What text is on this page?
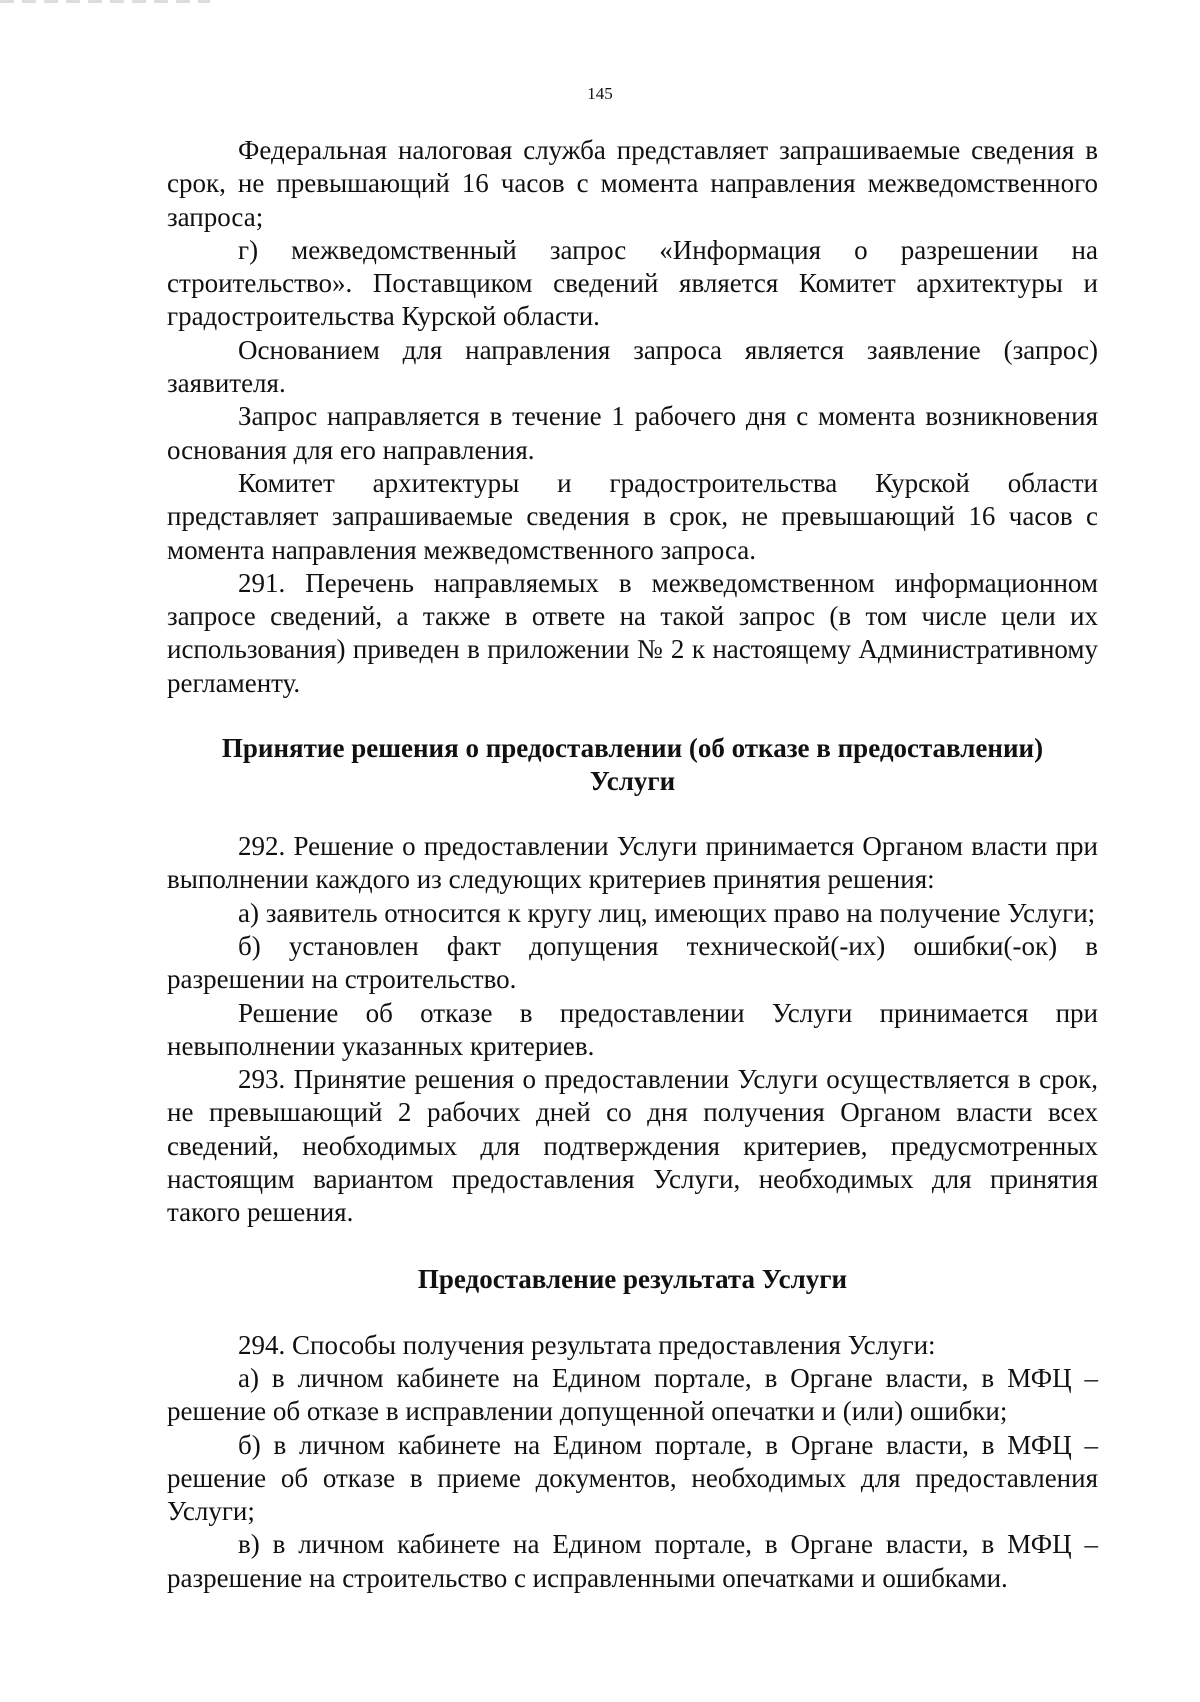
145

Федеральная налоговая служба представляет запрашиваемые сведения в срок, не превышающий 16 часов с момента направления межведомственного запроса;

г) межведомственный запрос «Информация о разрешении на строительство». Поставщиком сведений является Комитет архитектуры и градостроительства Курской области.

Основанием для направления запроса является заявление (запрос) заявителя.

Запрос направляется в течение 1 рабочего дня с момента возникновения основания для его направления.

Комитет архитектуры и градостроительства Курской области представляет запрашиваемые сведения в срок, не превышающий 16 часов с момента направления межведомственного запроса.

291. Перечень направляемых в межведомственном информационном запросе сведений, а также в ответе на такой запрос (в том числе цели их использования) приведен в приложении № 2 к настоящему Административному регламенту.

Принятие решения о предоставлении (об отказе в предоставлении)
Услуги

292. Решение о предоставлении Услуги принимается Органом власти при выполнении каждого из следующих критериев принятия решения:

а) заявитель относится к кругу лиц, имеющих право на получение Услуги;

б) установлен факт допущения технической(-их) ошибки(-ок) в разрешении на строительство.

Решение об отказе в предоставлении Услуги принимается при невыполнении указанных критериев.

293. Принятие решения о предоставлении Услуги осуществляется в срок, не превышающий 2 рабочих дней со дня получения Органом власти всех сведений, необходимых для подтверждения критериев, предусмотренных настоящим вариантом предоставления Услуги, необходимых для принятия такого решения.

Предоставление результата Услуги

294. Способы получения результата предоставления Услуги:

а) в личном кабинете на Едином портале, в Органе власти, в МФЦ – решение об отказе в исправлении допущенной опечатки и (или) ошибки;

б) в личном кабинете на Едином портале, в Органе власти, в МФЦ – решение об отказе в приеме документов, необходимых для предоставления Услуги;

в) в личном кабинете на Едином портале, в Органе власти, в МФЦ – разрешение на строительство с исправленными опечатками и ошибками.
